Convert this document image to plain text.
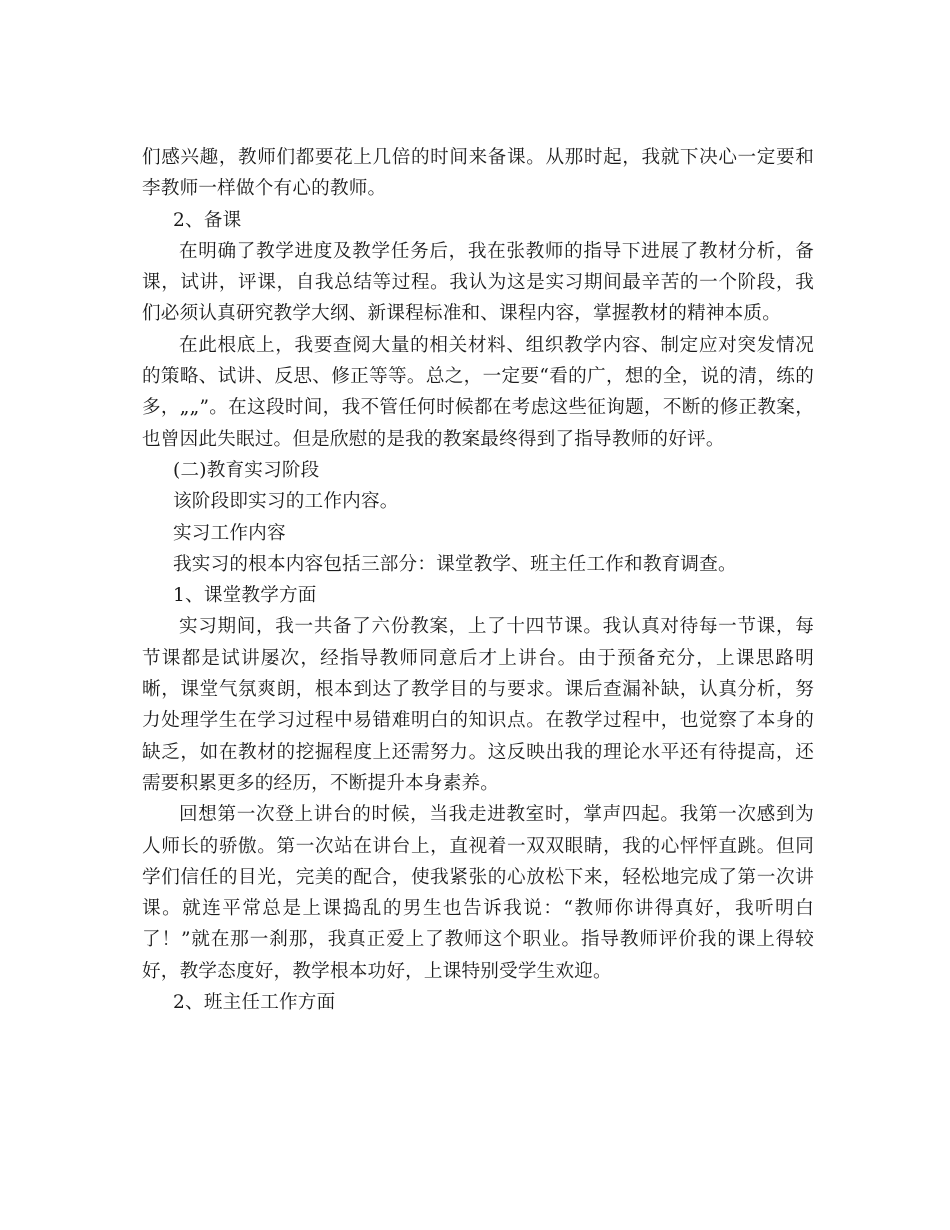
们感兴趣，教师们都要花上几倍的时间来备课。从那时起，我就下决心一定要和李教师一样做个有心的教师。

2、备课

在明确了教学进度及教学任务后，我在张教师的指导下进展了教材分析，备课，试讲，评课，自我总结等过程。我认为这是实习期间最辛苦的一个阶段，我们必须认真研究教学大纲、新课程标准和、课程内容，掌握教材的精神本质。

在此根底上，我要查阅大量的相关材料、组织教学内容、制定应对突发情况的策略、试讲、反思、修正等等。总之，一定要“看的广，想的全，说的清，练的多，„„”。在这段时间，我不管任何时候都在考虑这些征询题，不断的修正教案，也曾因此失眠过。但是欣慰的是我的教案最终得到了指导教师的好评。

(二)教育实习阶段

该阶段即实习的工作内容。

实习工作内容

我实习的根本内容包括三部分：课堂教学、班主任工作和教育调查。

1、课堂教学方面

实习期间，我一共备了六份教案，上了十四节课。我认真对待每一节课，每节课都是试讲屡次，经指导教师同意后才上讲台。由于预备充分，上课思路明晰，课堂气氛爽朗，根本到达了教学目的与要求。课后查漏补缺，认真分析，努力处理学生在学习过程中易错难明白的知识点。在教学过程中，也觉察了本身的缺乏，如在教材的挖掘程度上还需努力。这反映出我的理论水平还有待提高，还需要积累更多的经历，不断提升本身素养。

回想第一次登上讲台的时候，当我走进教室时，掌声四起。我第一次感到为人师长的骄傲。第一次站在讲台上，直视着一双双眼睛，我的心怦怦直跳。但同学们信任的目光，完美的配合，使我紧张的心放松下来，轻松地完成了第一次讲课。就连平常总是上课捣乱的男生也告诉我说：“教师你讲得真好，我听明白了！”就在那一刹那，我真正爱上了教师这个职业。指导教师评价我的课上得较好，教学态度好，教学根本功好，上课特别受学生欢迎。

2、班主任工作方面
